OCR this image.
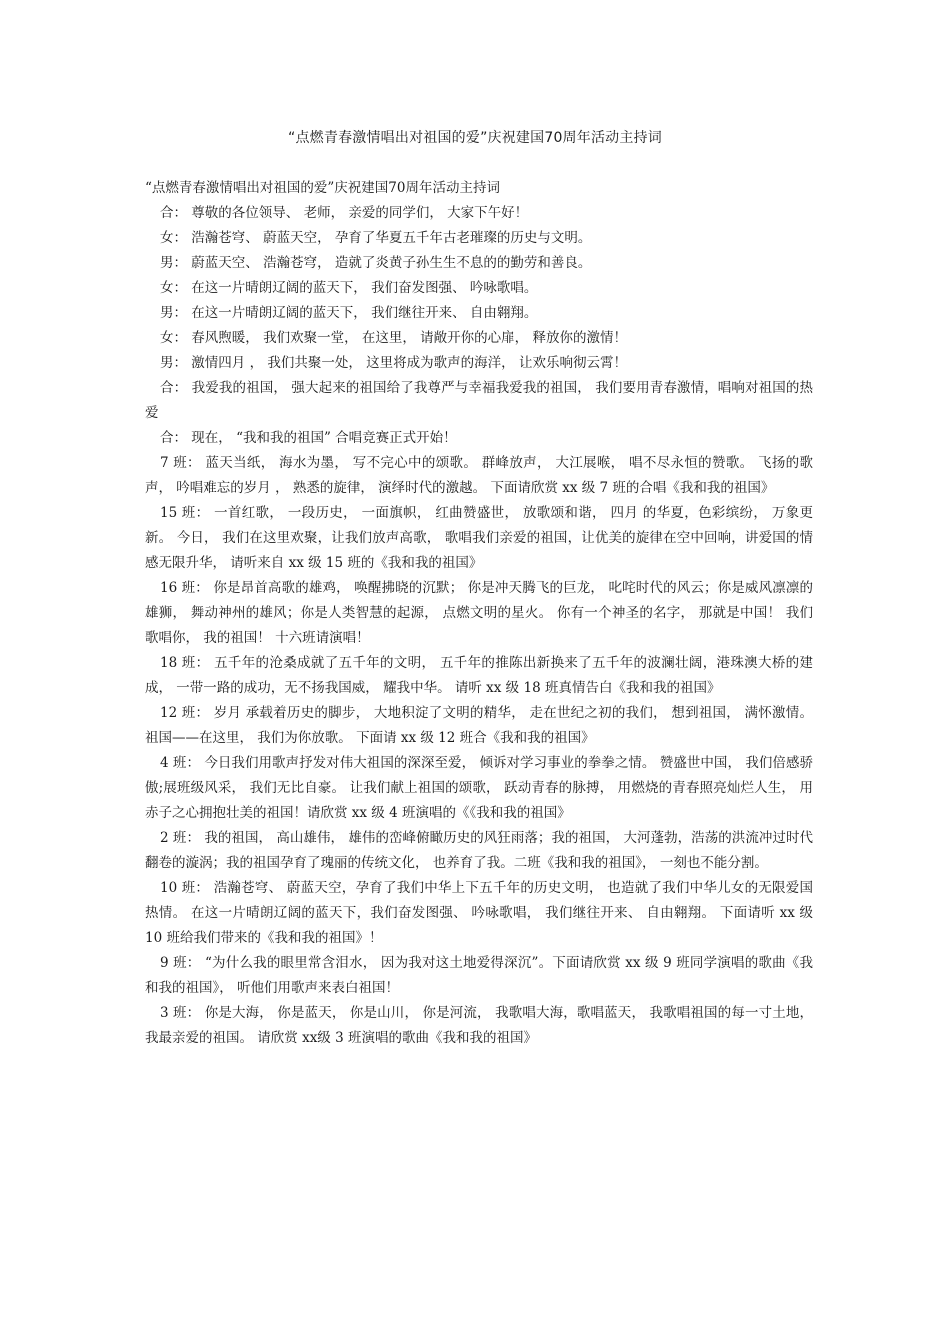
“点燃青春激情唱出对祖国的爱”庆祝建国70周年活动主持词

“点燃青春激情唱出对祖国的爱”庆祝建国70周年活动主持词

合： 尊敬的各位领导、 老师， 亲爱的同学们， 大家下午好！

女： 浩瀚苍穹、 蔚蓝天空， 孕育了华夏五千年古老璀璨的历史与文明。

男： 蔚蓝天空、 浩瀚苍穹， 造就了炎黄子孙生生不息的的勤劳和善良。

女： 在这一片晴朗辽阔的蓝天下， 我们奋发图强、 吟咏歌唱。

男： 在这一片晴朗辽阔的蓝天下， 我们继往开来、 自由翱翔。

女： 春风煦暖， 我们欢聚一堂， 在这里， 请敞开你的心扉， 释放你的激情！

男： 激情四月 ， 我们共聚一处， 这里将成为歌声的海洋， 让欢乐响彻云霄！

合： 我爱我的祖国， 强大起来的祖国给了我尊严与幸福我爱我的祖国， 我们要用青春激情，唱响对祖国的热爱

合： 现在， “我和我的祖国” 合唱竞赛正式开始！

7 班： 蓝天当纸， 海水为墨， 写不完心中的颂歌。 群峰放声， 大江展喉， 唱不尽永恒的赞歌。 飞扬的歌声， 吟唱难忘的岁月 ， 熟悉的旋律， 演绎时代的激越。 下面请欣赏 xx 级 7 班的合唱《我和我的祖国》

15 班： 一首红歌， 一段历史， 一面旗帜， 红曲赞盛世， 放歌颂和谐， 四月 的华夏，色彩缤纷， 万象更新。 今日， 我们在这里欢聚，让我们放声高歌， 歌唱我们亲爱的祖国，让优美的旋律在空中回响，讲爱国的情感无限升华， 请听来自 xx 级 15 班的《我和我的祖国》

16 班： 你是昂首高歌的雄鸡， 唤醒拂晓的沉默； 你是冲天腾飞的巨龙， 叱咤时代的风云；你是威风凛凛的雄狮， 舞动神州的雄风；你是人类智慧的起源， 点燃文明的星火。 你有一个神圣的名字， 那就是中国！ 我们歌唱你， 我的祖国！ 十六班请演唱！

18 班： 五千年的沧桑成就了五千年的文明， 五千年的推陈出新换来了五千年的波澜壮阔，港珠澳大桥的建成， 一带一路的成功，无不扬我国威， 耀我中华。 请听 xx 级 18 班真情告白《我和我的祖国》

12 班： 岁月 承载着历史的脚步， 大地积淀了文明的精华， 走在世纪之初的我们， 想到祖国， 满怀激情。 祖国——在这里， 我们为你放歌。 下面请 xx 级 12 班合《我和我的祖国》

4 班： 今日我们用歌声抒发对伟大祖国的深深至爱， 倾诉对学习事业的拳拳之情。 赞盛世中国， 我们倍感骄傲;展班级风采， 我们无比自豪。 让我们献上祖国的颂歌， 跃动青春的脉搏， 用燃烧的青春照亮灿烂人生， 用赤子之心拥抱壮美的祖国！请欣赏 xx 级 4 班演唱的《《我和我的祖国》

2 班： 我的祖国， 高山雄伟， 雄伟的峦峰俯瞰历史的风狂雨落；我的祖国， 大河蓬勃，浩荡的洪流冲过时代翻卷的漩涡；我的祖国孕育了瑰丽的传统文化， 也养育了我。二班《我和我的祖国》， 一刻也不能分割。

10 班： 浩瀚苍穹、 蔚蓝天空，孕育了我们中华上下五千年的历史文明， 也造就了我们中华儿女的无限爱国热情。 在这一片晴朗辽阔的蓝天下，我们奋发图强、 吟咏歌唱， 我们继往开来、 自由翱翔。 下面请听 xx 级 10 班给我们带来的《我和我的祖国》！

9 班： “为什么我的眼里常含泪水， 因为我对这土地爱得深沉”。下面请欣赏 xx 级 9 班同学演唱的歌曲《我和我的祖国》， 听他们用歌声来表白祖国！

3 班： 你是大海， 你是蓝天， 你是山川， 你是河流， 我歌唱大海，歌唱蓝天， 我歌唱祖国的每一寸土地， 我最亲爱的祖国。 请欣赏 xx级 3 班演唱的歌曲《我和我的祖国》
